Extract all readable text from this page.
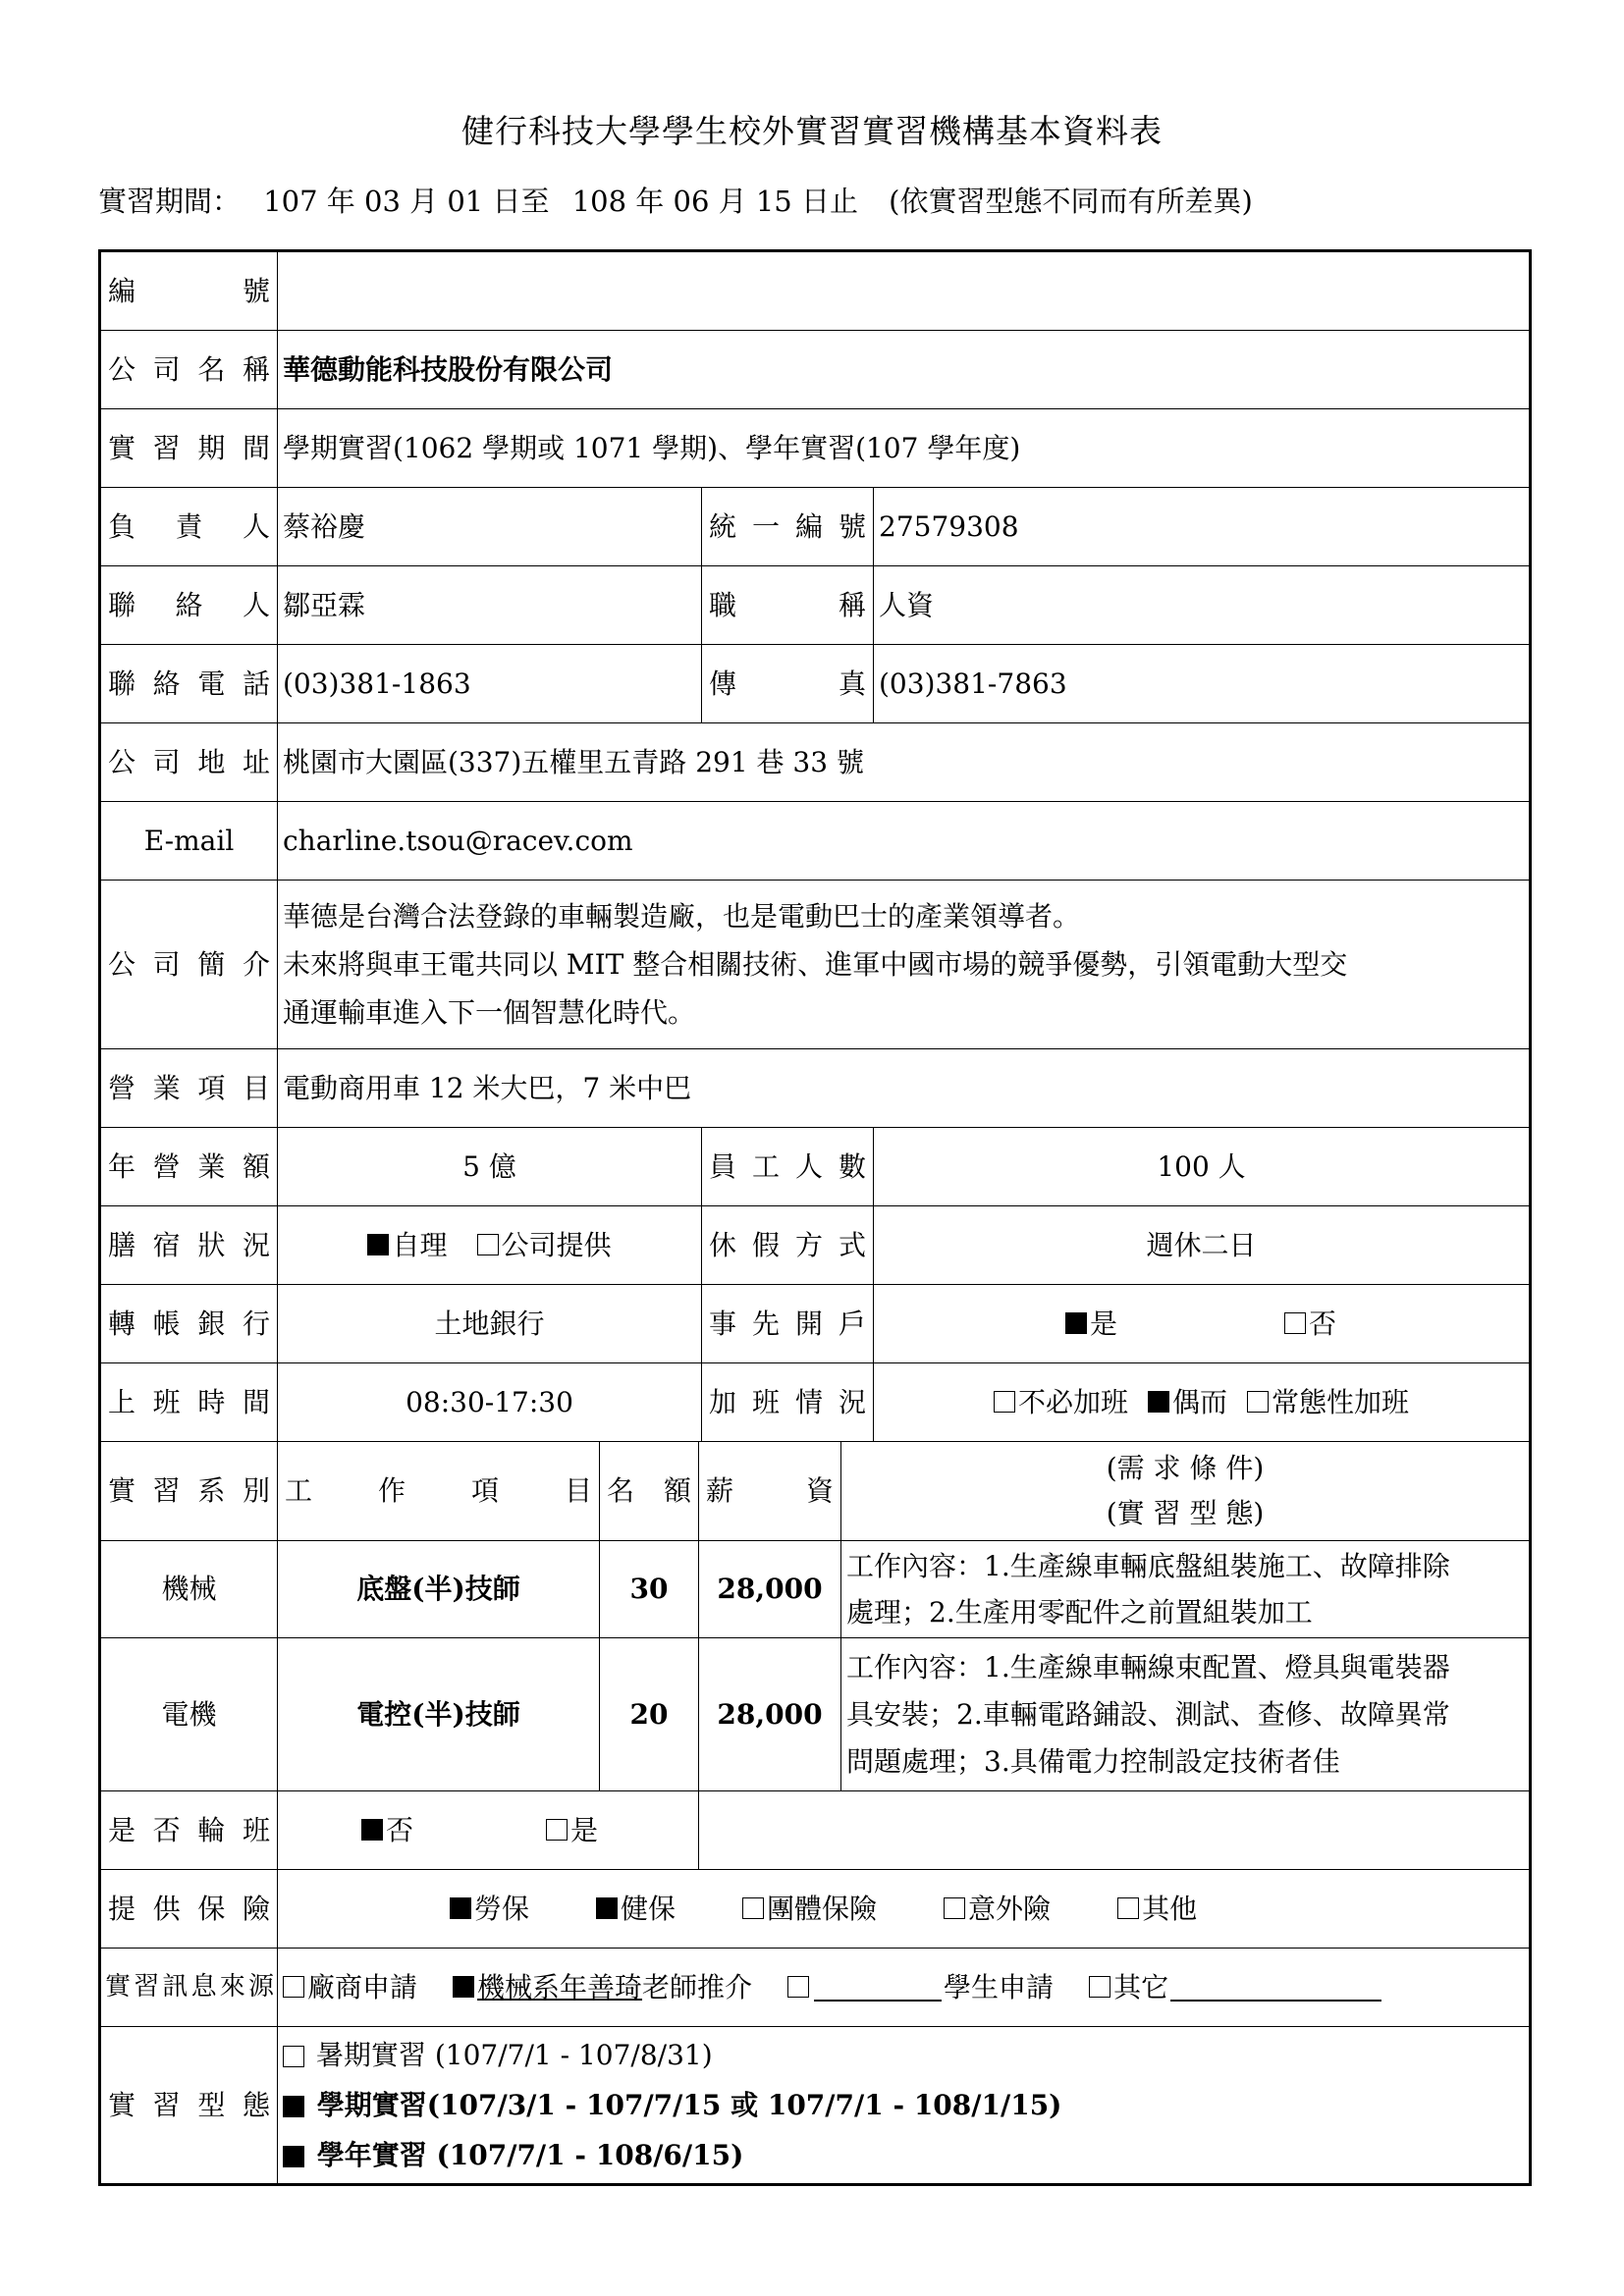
健行科技大學學生校外實習實習機構基本資料表
實習期間： 107 年 03 月 01 日至 108 年 06 月 15 日止 (依實習型態不同而有所差異)
編號
公司名稱 華德動能科技股份有限公司
實習期間 學期實習(1062 學期或 1071 學期)、學年實習(107 學年度)
負責人 蔡裕慶	統一編號 27579308
聯絡人 鄒亞霖	職稱 人資
聯絡電話 (03)381-1863	傳真 (03)381-7863
公司地址 桃園市大園區(337)五權里五青路 291 巷 33 號
E-mail	charline.tsou@racev.com
公司簡介
華德是台灣合法登錄的車輛製造廠，也是電動巴士的產業領導者。
未來將與車王電共同以 MIT 整合相關技術、進軍中國市場的競爭優勢，引領電動大型交
通運輸車進入下一個智慧化時代。
營業項目 電動商用車 12 米大巴，7 米中巴
年營業額	5 億	員工人數	100 人
膳宿狀況	自理 公司提供	休假方式	週休二日
轉帳銀行	土地銀行	事先開戶	是	否
上班時間	08:30-17:30	加班情況	不必加班 偶而 常態性加班
實習系別 工作項目 名額 薪資
(需 求 條 件)
(實 習 型 態)
機械	底盤(半)技師	30	28,000
工作內容：1.生產線車輛底盤組裝施工、故障排除
處理；2.生產用零配件之前置組裝加工
電機	電控(半)技師	20	28,000
工作內容：1.生產線車輛線束配置、燈具與電裝器
具安裝；2.車輛電路鋪設、測試、查修、故障異常
問題處理；3.具備電力控制設定技術者佳
是否輪班	否	是
提供保險	勞保	健保	團體保險	意外險	其他
實習訊息來源 廠商申請 機械系年善琦 老師推介	學生申請 其它
實習型態
暑期實習 (107/7/1 - 107/8/31)
學期實習(107/3/1 - 107/7/15 或 107/7/1 - 108/1/15)
學年實習 (107/7/1 - 108/6/15)
